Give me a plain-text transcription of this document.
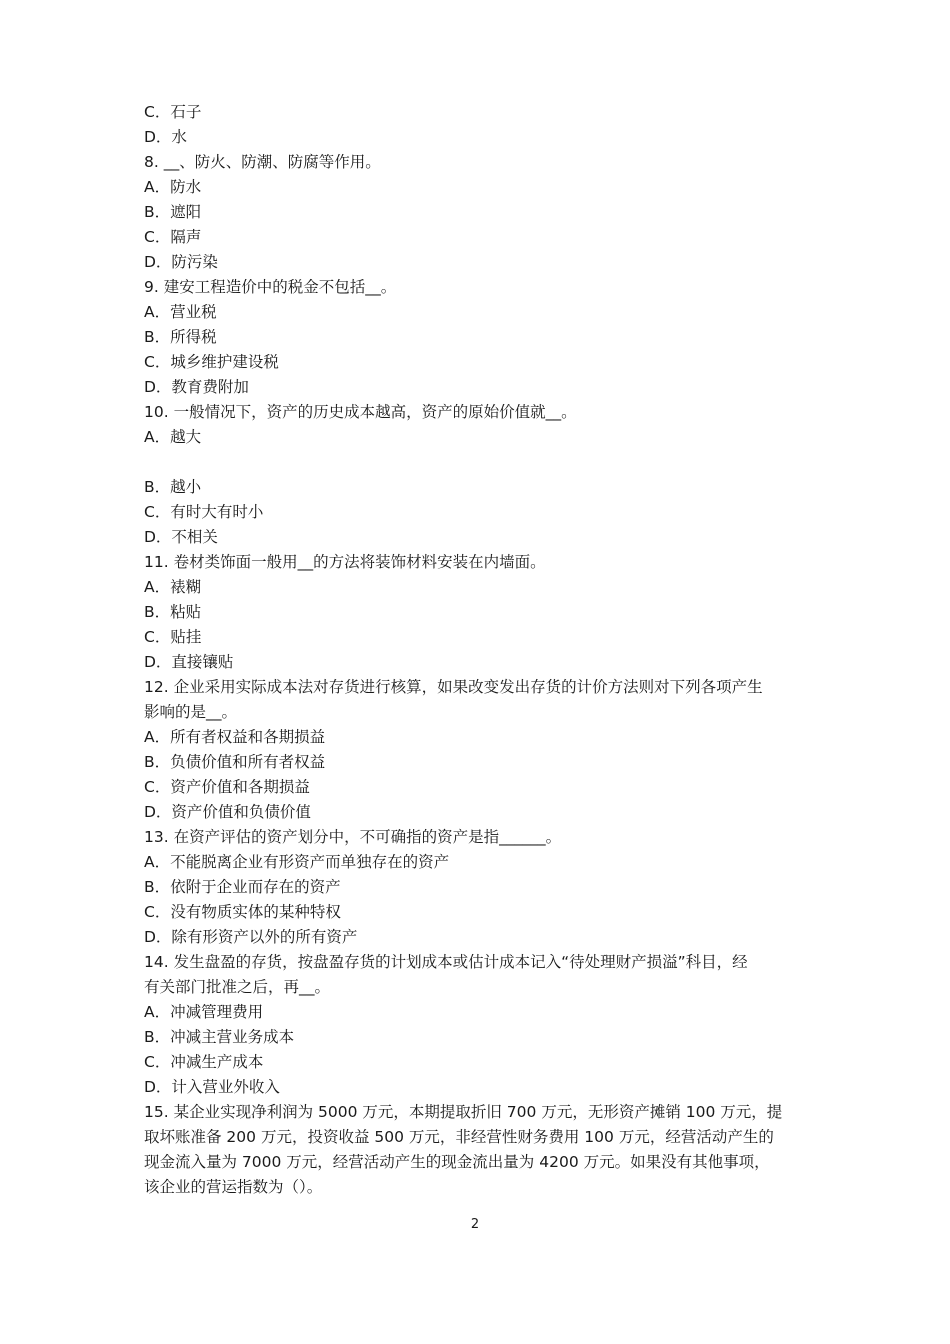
C．石子
D．水
8. __、防火、防潮、防腐等作用。
A．防水
B．遮阳
C．隔声
D．防污染
9. 建安工程造价中的税金不包括__。
A．营业税
B．所得税
C．城乡维护建设税
D．教育费附加
10. 一般情况下，资产的历史成本越高，资产的原始价值就__。
A．越大
B．越小
C．有时大有时小
D．不相关
11. 卷材类饰面一般用__的方法将装饰材料安装在内墙面。
A．裱糊
B．粘贴
C．贴挂
D．直接镶贴
12. 企业采用实际成本法对存货进行核算，如果改变发出存货的计价方法则对下列各项产生
影响的是__。
A．所有者权益和各期损益
B．负债价值和所有者权益
C．资产价值和各期损益
D．资产价值和负债价值
13. 在资产评估的资产划分中，不可确指的资产是指______。
A．不能脱离企业有形资产而单独存在的资产
B．依附于企业而存在的资产
C．没有物质实体的某种特权
D．除有形资产以外的所有资产
14. 发生盘盈的存货，按盘盈存货的计划成本或估计成本记入“待处理财产损溢”科目，经
有关部门批准之后，再__。
A．冲减管理费用
B．冲减主营业务成本
C．冲减生产成本
D．计入营业外收入
15. 某企业实现净利润为 5000 万元，本期提取折旧 700 万元，无形资产摊销 100 万元，提
取坏账准备 200 万元，投资收益 500 万元，非经营性财务费用 100 万元，经营活动产生的
现金流入量为 7000 万元，经营活动产生的现金流出量为 4200 万元。如果没有其他事项，
该企业的营运指数为（）。
2
